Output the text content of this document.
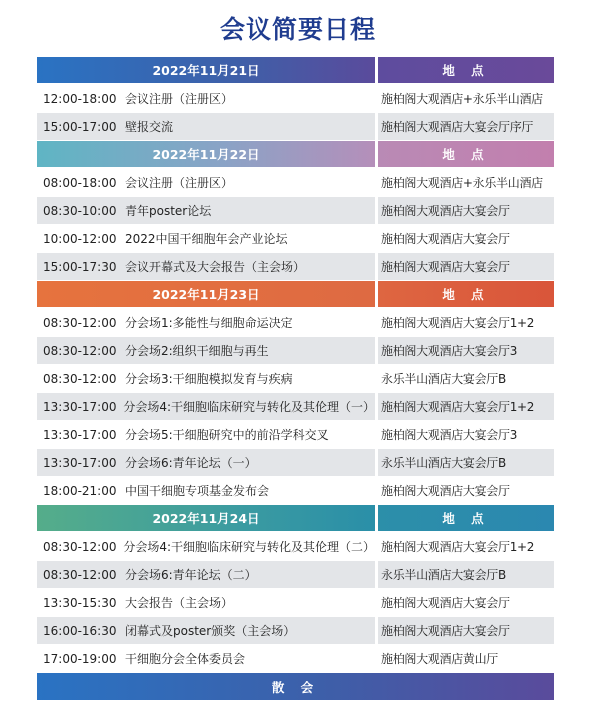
会议简要日程
2022年11月21日	地 点
12:00-18:00 会议注册（注册区）	施柏阁大观酒店+永乐半山酒店
15:00-17:00 壁报交流	施柏阁大观酒店大宴会厅序厅
2022年11月22日	地 点
08:00-18:00 会议注册（注册区）	施柏阁大观酒店+永乐半山酒店
08:30-10:00 青年poster论坛	施柏阁大观酒店大宴会厅
10:00-12:00 2022中国干细胞年会产业论坛	施柏阁大观酒店大宴会厅
15:00-17:30 会议开幕式及大会报告（主会场）	施柏阁大观酒店大宴会厅
2022年11月23日	地 点
08:30-12:00 分会场1:多能性与细胞命运决定	施柏阁大观酒店大宴会厅1+2
08:30-12:00 分会场2:组织干细胞与再生	施柏阁大观酒店大宴会厅3
08:30-12:00 分会场3:干细胞模拟发育与疾病	永乐半山酒店大宴会厅B
13:30-17:00 分会场4:干细胞临床研究与转化及其伦理（一） 施柏阁大观酒店大宴会厅1+2
13:30-17:00 分会场5:干细胞研究中的前沿学科交叉	施柏阁大观酒店大宴会厅3
13:30-17:00 分会场6:青年论坛（一）	永乐半山酒店大宴会厅B
18:00-21:00 中国干细胞专项基金发布会	施柏阁大观酒店大宴会厅
2022年11月24日	地 点
08:30-12:00 分会场4:干细胞临床研究与转化及其伦理（二） 施柏阁大观酒店大宴会厅1+2
08:30-12:00 分会场6:青年论坛（二）	永乐半山酒店大宴会厅B
13:30-15:30 大会报告（主会场）	施柏阁大观酒店大宴会厅
16:00-16:30 闭幕式及poster颁奖（主会场）	施柏阁大观酒店大宴会厅
17:00-19:00 干细胞分会全体委员会	施柏阁大观酒店黄山厅
散 会
